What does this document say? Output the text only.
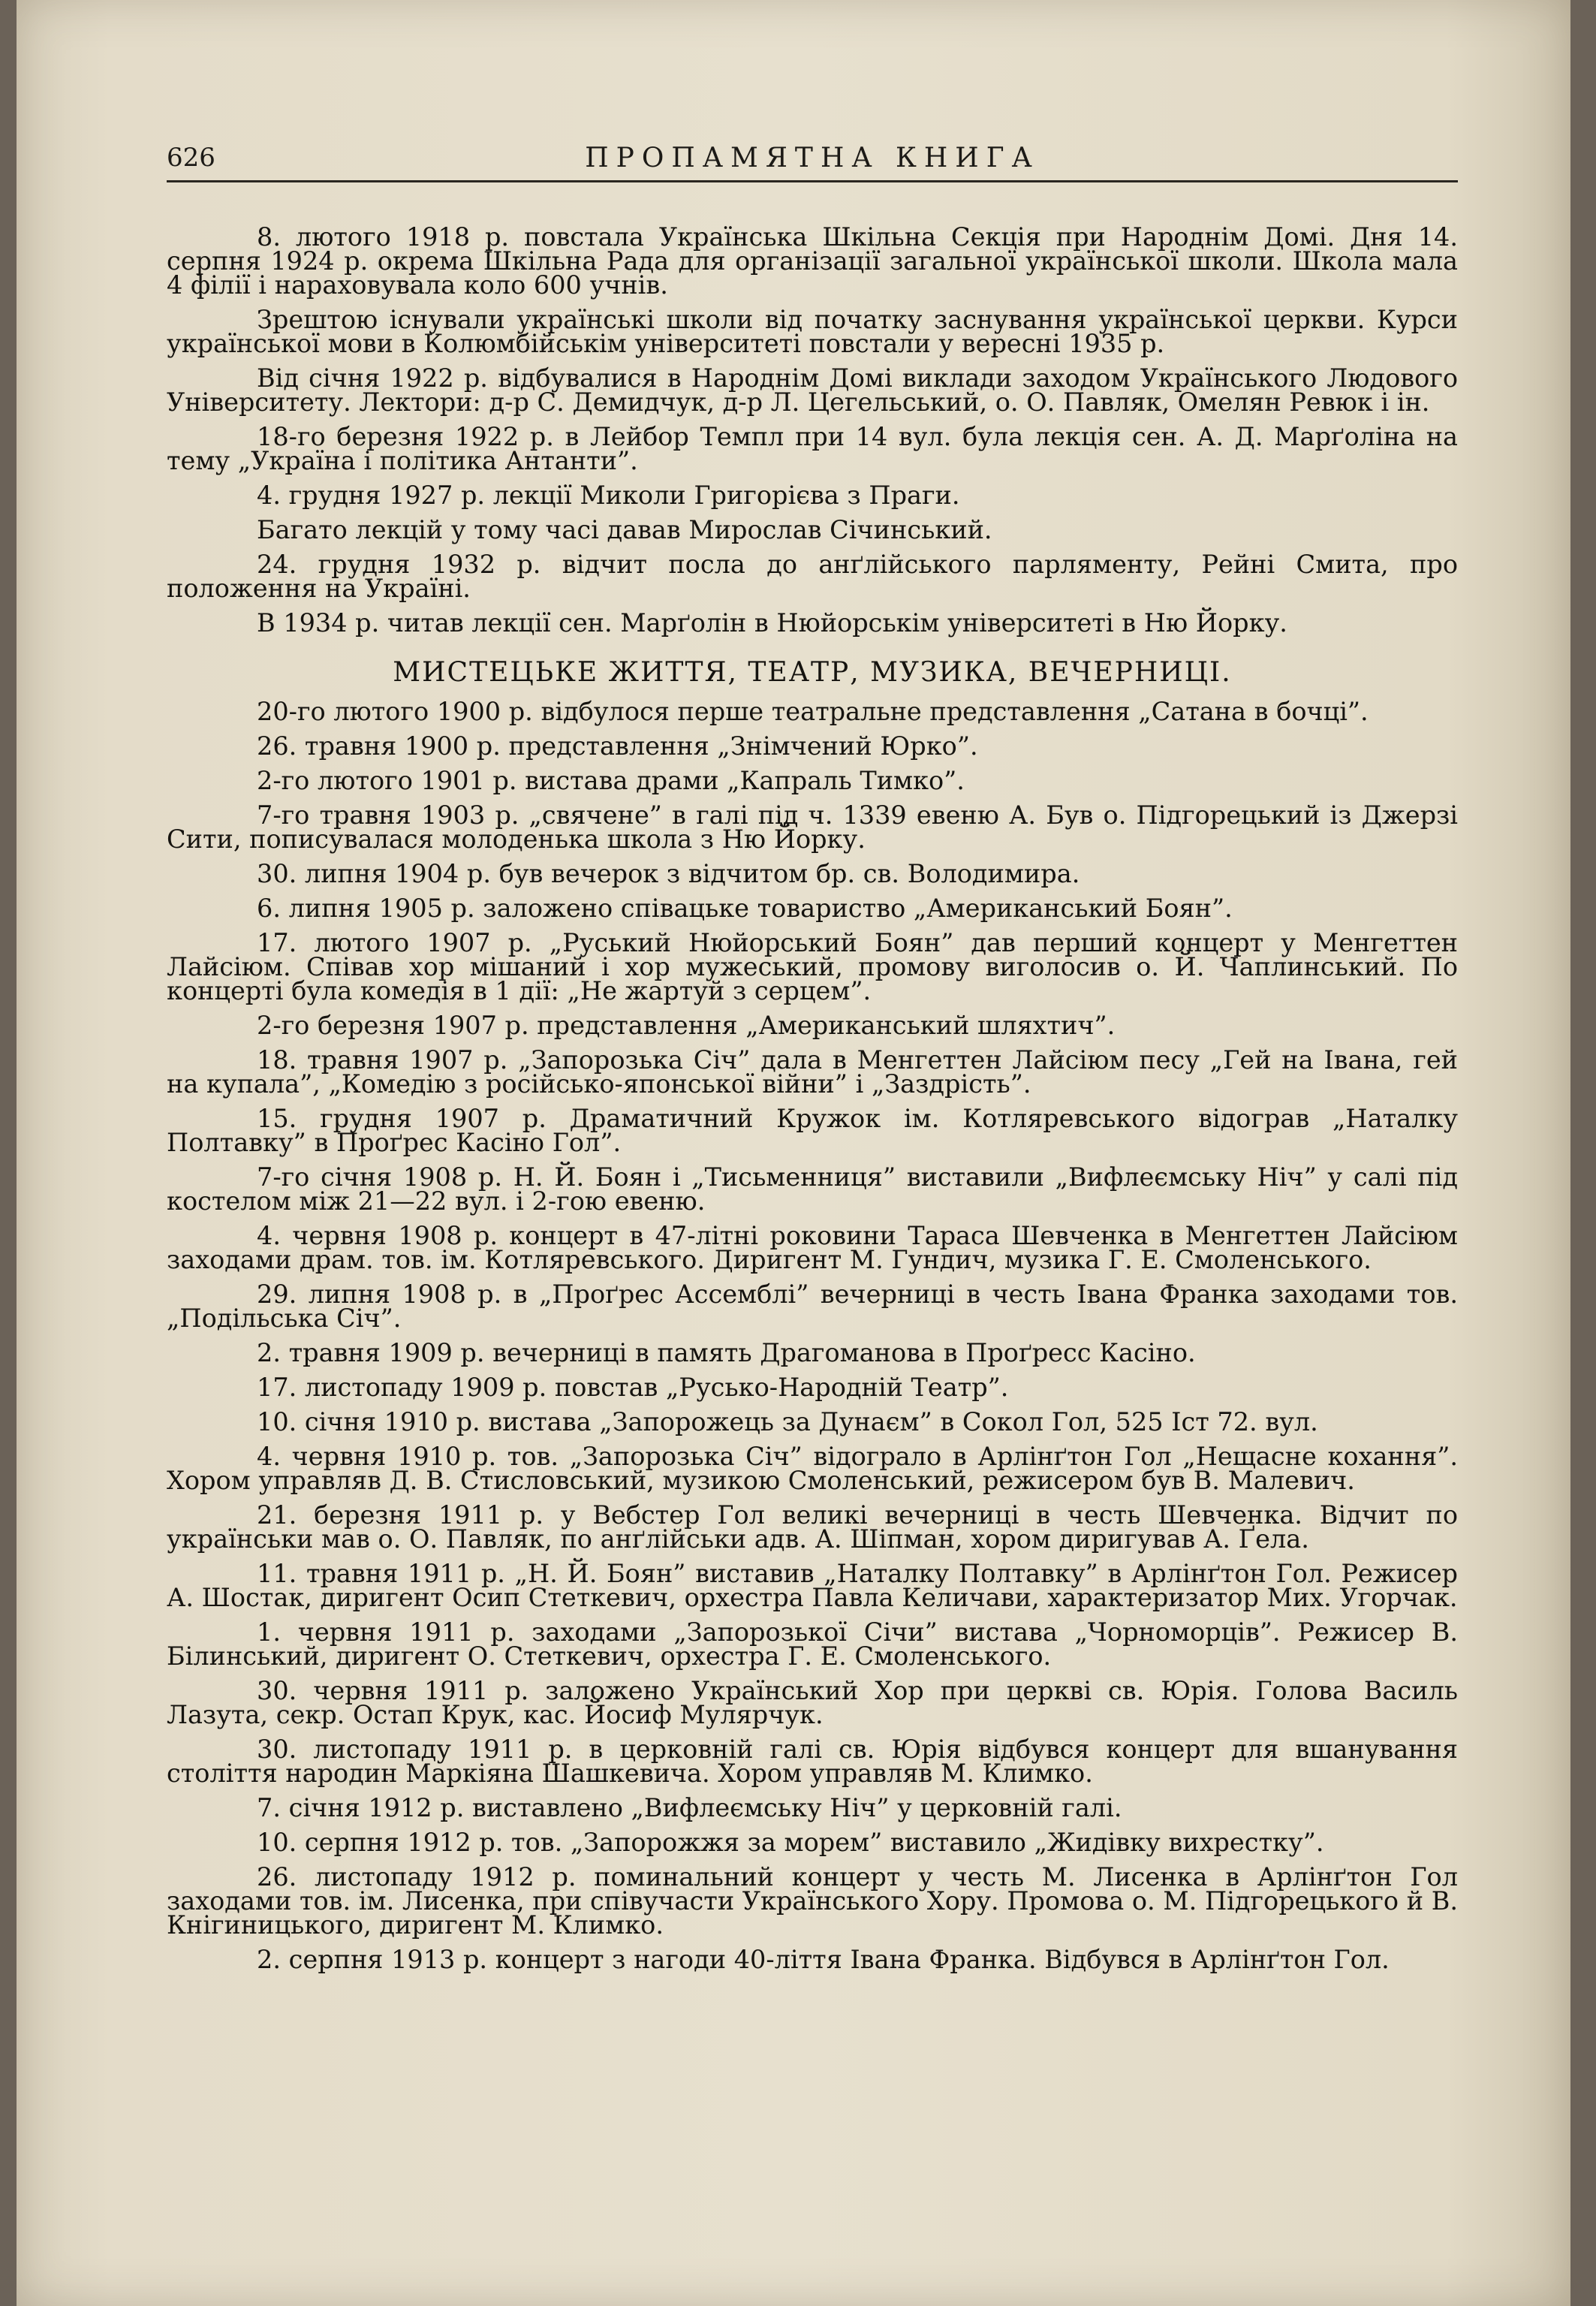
626	ПРОПАМЯТНА КНИГА

8. лютого 1918 р. повстала Українська Шкільна Секція при Народнім Домі. Дня 14. серпня 1924 р. окрема Шкільна Рада для організації загальної української школи. Школа мала 4 філії і нараховувала коло 600 учнів.

Зрештою існували українські школи від початку заснування української церкви. Курси української мови в Колюмбійськім університеті повстали у вересні 1935 р.

Від січня 1922 р. відбувалися в Народнім Домі виклади заходом Українського Людового Університету. Лектори: д-р С. Демидчук, д-р Л. Цегельський, о. О. Павляк, Омелян Ревюк і ін.

18-го березня 1922 р. в Лейбор Темпл при 14 вул. була лекція сен. А. Д. Марґоліна на тему „Україна і політика Антанти”.

4. грудня 1927 р. лекції Миколи Григорієва з Праги.

Багато лекцій у тому часі давав Мирослав Січинський.

24. грудня 1932 р. відчит посла до анґлійського парляменту, Рейні Смита, про положення на Україні.

В 1934 р. читав лекції сен. Марґолін в Нюйорськім університеті в Ню Йорку.

МИСТЕЦЬКЕ ЖИТТЯ, ТЕАТР, МУЗИКА, ВЕЧЕРНИЦІ.

20-го лютого 1900 р. відбулося перше театральне представлення „Сатана в бочці”.

26. травня 1900 р. представлення „Знімчений Юрко”.

2-го лютого 1901 р. вистава драми „Капраль Тимко”.

7-го травня 1903 р. „свячене” в галі під ч. 1339 евеню А. Був о. Підгорецький із Джерзі Сити, пописувалася молоденька школа з Ню Йорку.

30. липня 1904 р. був вечерок з відчитом бр. св. Володимира.

6. липня 1905 р. заложено співацьке товариство „Американський Боян”.

17. лютого 1907 р. „Руський Нюйорський Боян” дав перший концерт у Менгеттен Лайсіюм. Співав хор мішаний і хор мужеський, промову виголосив о. Й. Чаплинський. По концерті була комедія в 1 дії: „Не жартуй з серцем”.

2-го березня 1907 р. представлення „Американський шляхтич”.

18. травня 1907 р. „Запорозька Січ” дала в Менгеттен Лайсіюм песу „Гей на Івана, гей на купала”, „Комедію з російсько-японської війни” і „Заздрість”.

15. грудня 1907 р. Драматичний Кружок ім. Котляревського відограв „Наталку Полтавку” в Проґрес Касіно Гол”.

7-го січня 1908 р. Н. Й. Боян і „Тисьменниця” виставили „Вифлеємську Ніч” у салі під костелом між 21—22 вул. і 2-гою евеню.

4. червня 1908 р. концерт в 47-літні роковини Тараса Шевченка в Менгеттен Лайсіюм заходами драм. тов. ім. Котляревського. Диригент М. Гундич, музика Г. Е. Смоленського.

29. липня 1908 р. в „Проґрес Ассемблі” вечерниці в честь Івана Франка заходами тов. „Подільська Січ”.

2. травня 1909 р. вечерниці в память Драгоманова в Проґресс Касіно.

17. листопаду 1909 р. повстав „Русько-Народній Театр”.

10. січня 1910 р. вистава „Запорожець за Дунаєм” в Сокол Гол, 525 Іст 72. вул.

4. червня 1910 р. тов. „Запорозька Січ” відограло в Арлінґтон Гол „Нещасне кохання”. Хором управляв Д. В. Стисловський, музикою Смоленський, режисером був В. Малевич.

21. березня 1911 р. у Вебстер Гол великі вечерниці в честь Шевченка. Відчит по українськи мав о. О. Павляк, по анґлійськи адв. А. Шіпман, хором диригував А. Ґела.

11. травня 1911 р. „Н. Й. Боян” виставив „Наталку Полтавку” в Арлінґтон Гол. Режисер А. Шостак, диригент Осип Стеткевич, орхестра Павла Келичави, характеризатор Мих. Угорчак.

1. червня 1911 р. заходами „Запорозької Січи” вистава „Чорноморців”. Режисер В. Білинський, диригент О. Стеткевич, орхестра Г. Е. Смоленського.

30. червня 1911 р. заложено Український Хор при церкві св. Юрія. Голова Василь Лазута, секр. Остап Крук, кас. Йосиф Мулярчук.

30. листопаду 1911 р. в церковній галі св. Юрія відбувся концерт для вшанування століття народин Маркіяна Шашкевича. Хором управляв М. Климко.

7. січня 1912 р. виставлено „Вифлеємську Ніч” у церковній галі.

10. серпня 1912 р. тов. „Запорожжя за морем” виставило „Жидівку вихрестку”.

26. листопаду 1912 р. поминальний концерт у честь М. Лисенка в Арлінґтон Гол заходами тов. ім. Лисенка, при співучасти Українського Хору. Промова о. М. Підгорецького й В. Кнігиницького, диригент М. Климко.

2. серпня 1913 р. концерт з нагоди 40-ліття Івана Франка. Відбувся в Арлінґтон Гол.
